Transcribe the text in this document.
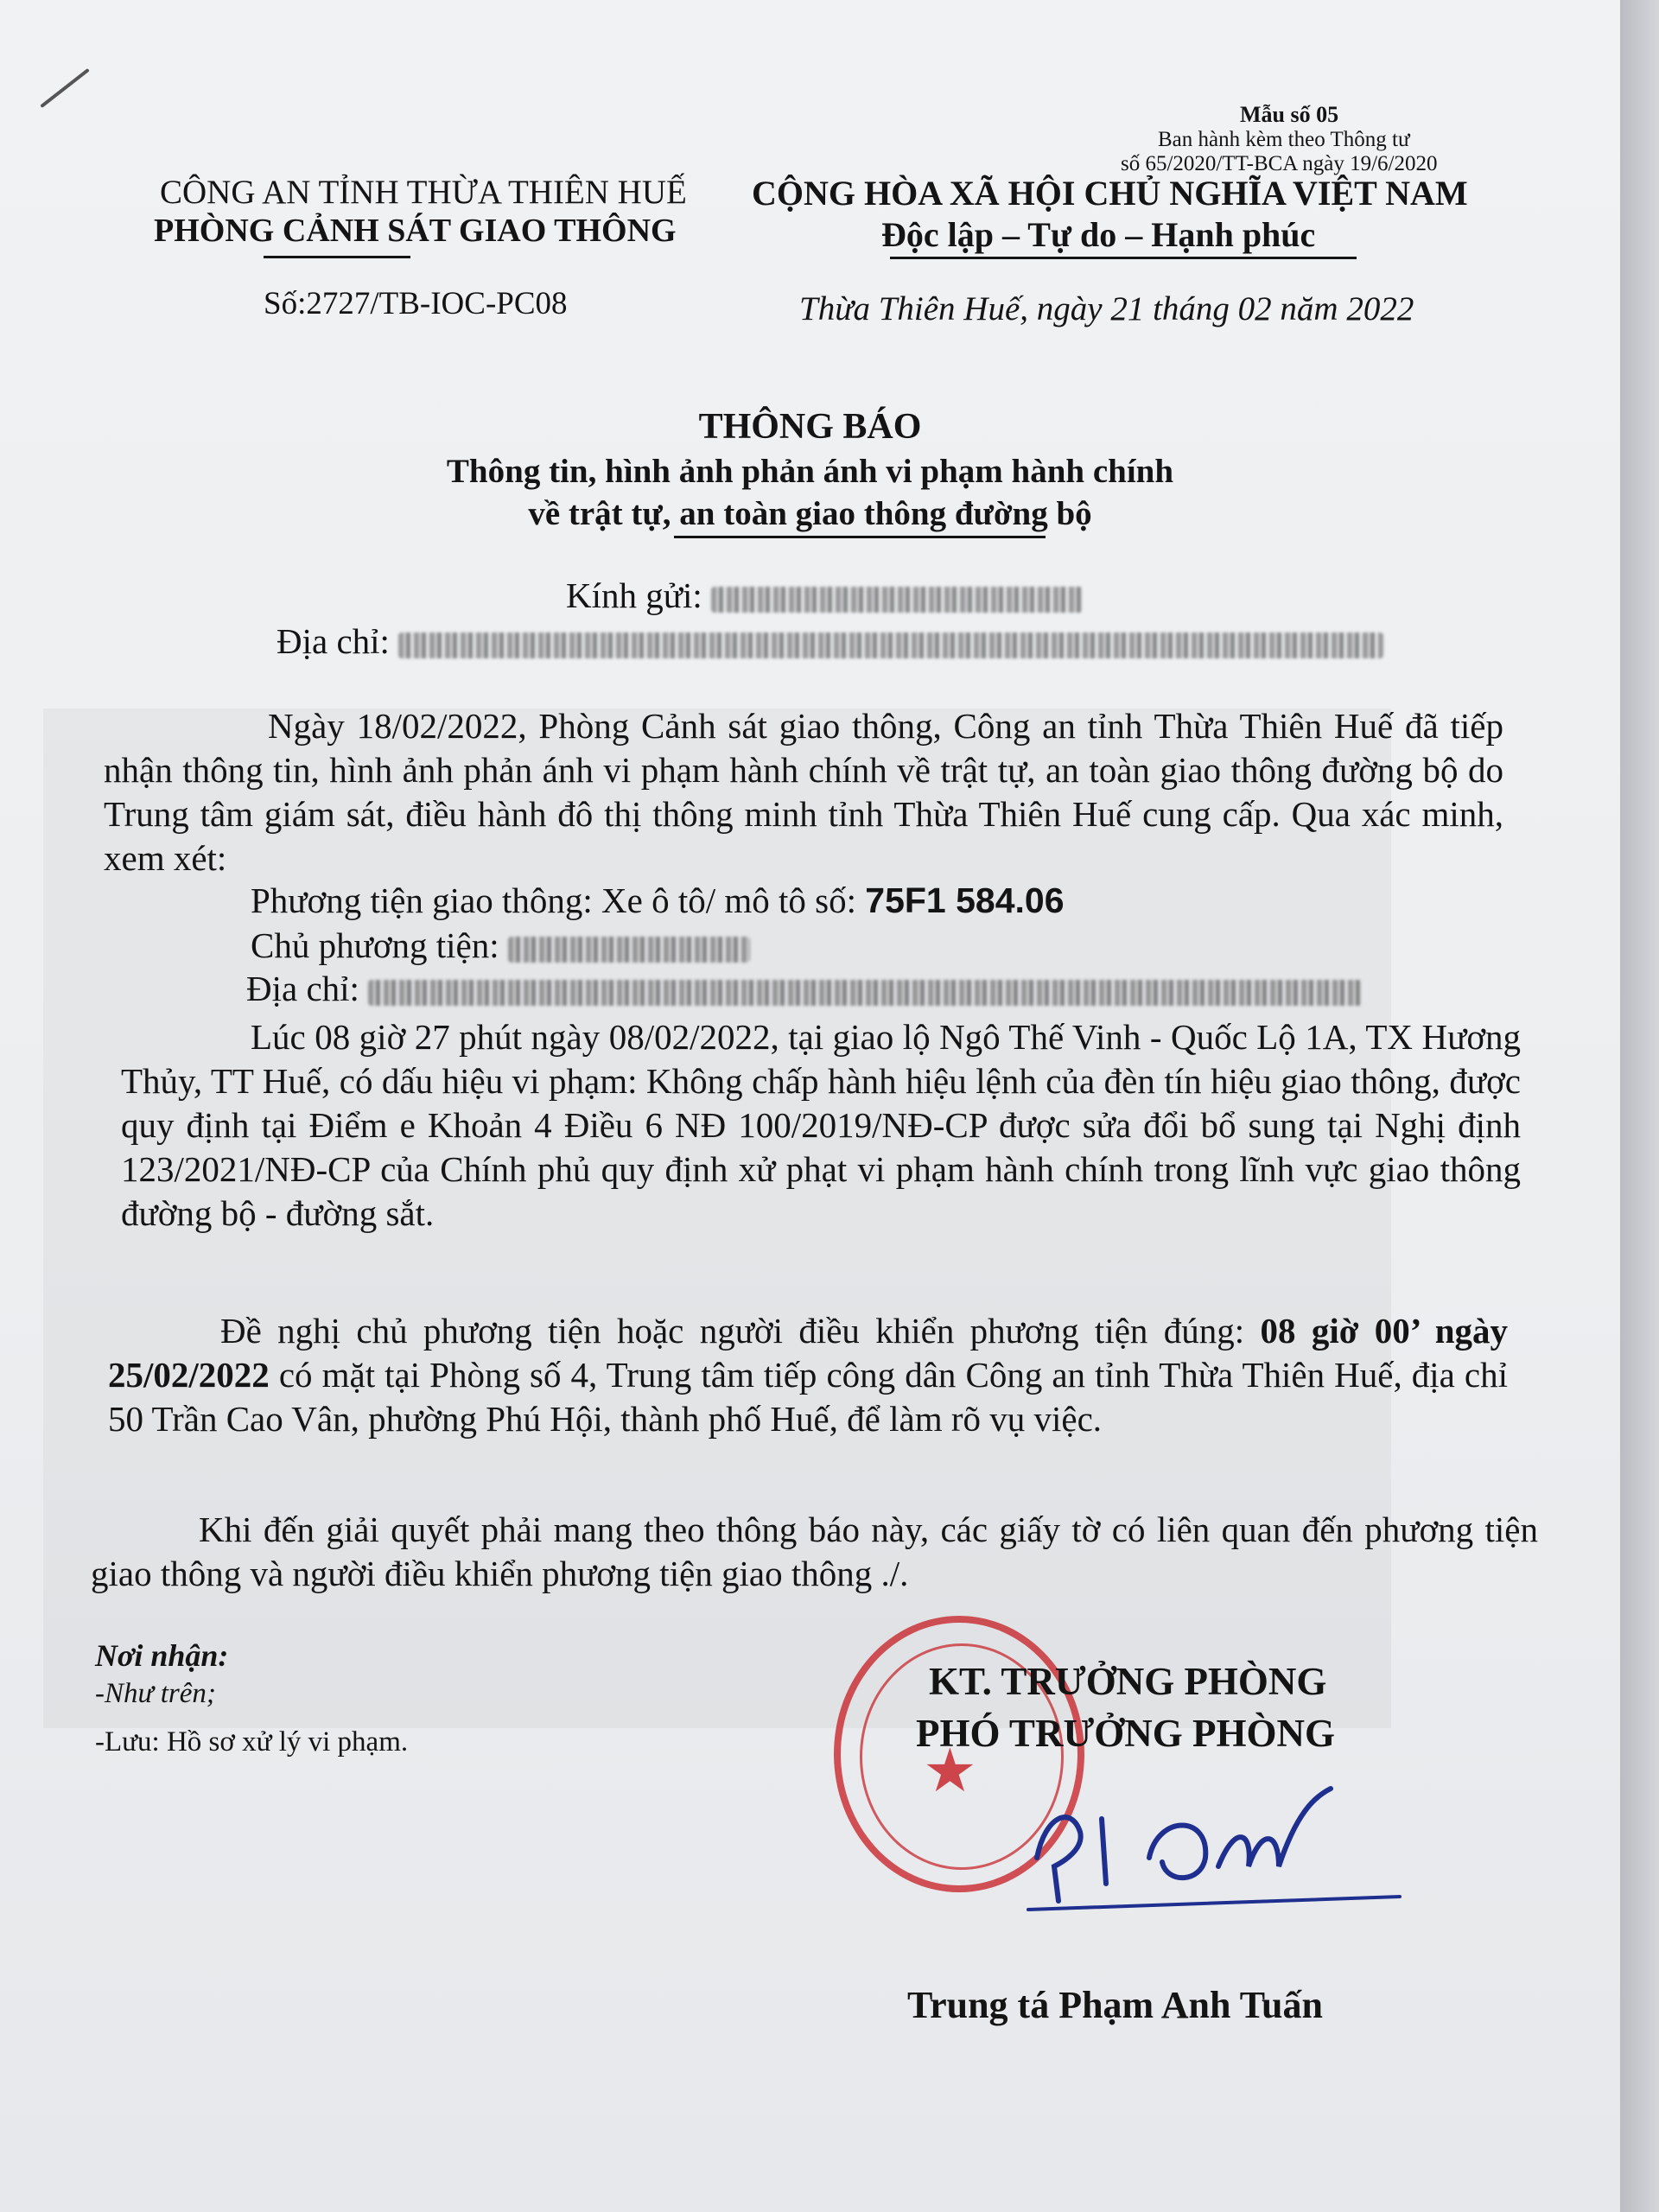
Mẫu số 05
Ban hành kèm theo Thông tư
số 65/2020/TT-BCA ngày 19/6/2020
CÔNG AN TỈNH THỪA THIÊN HUẾ
PHÒNG CẢNH SÁT GIAO THÔNG
Số:2727/TB-IOC-PC08
CỘNG HÒA XÃ HỘI CHỦ NGHĨA VIỆT NAM
Độc lập – Tự do – Hạnh phúc
Thừa Thiên Huế, ngày 21 tháng 02 năm 2022
THÔNG BÁO
Thông tin, hình ảnh phản ánh vi phạm hành chính
về trật tự, an toàn giao thông đường bộ
Kính gửi:
Địa chỉ:
Ngày 18/02/2022, Phòng Cảnh sát giao thông, Công an tỉnh Thừa Thiên Huế đã tiếp nhận thông tin, hình ảnh phản ánh vi phạm hành chính về trật tự, an toàn giao thông đường bộ do Trung tâm giám sát, điều hành đô thị thông minh tỉnh Thừa Thiên Huế cung cấp. Qua xác minh, xem xét:
Phương tiện giao thông: Xe ô tô/ mô tô số: 75F1 584.06
Chủ phương tiện:
Địa chỉ:
Lúc 08 giờ 27 phút ngày 08/02/2022, tại giao lộ Ngô Thế Vinh - Quốc Lộ 1A, TX Hương Thủy, TT Huế, có dấu hiệu vi phạm: Không chấp hành hiệu lệnh của đèn tín hiệu giao thông, được quy định tại Điểm e Khoản 4 Điều 6 NĐ 100/2019/NĐ-CP được sửa đổi bổ sung tại Nghị định 123/2021/NĐ-CP của Chính phủ quy định xử phạt vi phạm hành chính trong lĩnh vực giao thông đường bộ - đường sắt.
Đề nghị chủ phương tiện hoặc người điều khiển phương tiện đúng: 08 giờ 00’ ngày 25/02/2022 có mặt tại Phòng số 4, Trung tâm tiếp công dân Công an tỉnh Thừa Thiên Huế, địa chỉ 50 Trần Cao Vân, phường Phú Hội, thành phố Huế, để làm rõ vụ việc.
Khi đến giải quyết phải mang theo thông báo này, các giấy tờ có liên quan đến phương tiện giao thông và người điều khiển phương tiện giao thông ./.
Nơi nhận:
-Như trên;
-Lưu: Hồ sơ xử lý vi phạm.	★
KT. TRƯỞNG PHÒNG
PHÓ TRƯỞNG PHÒNG
Trung tá Phạm Anh Tuấn
